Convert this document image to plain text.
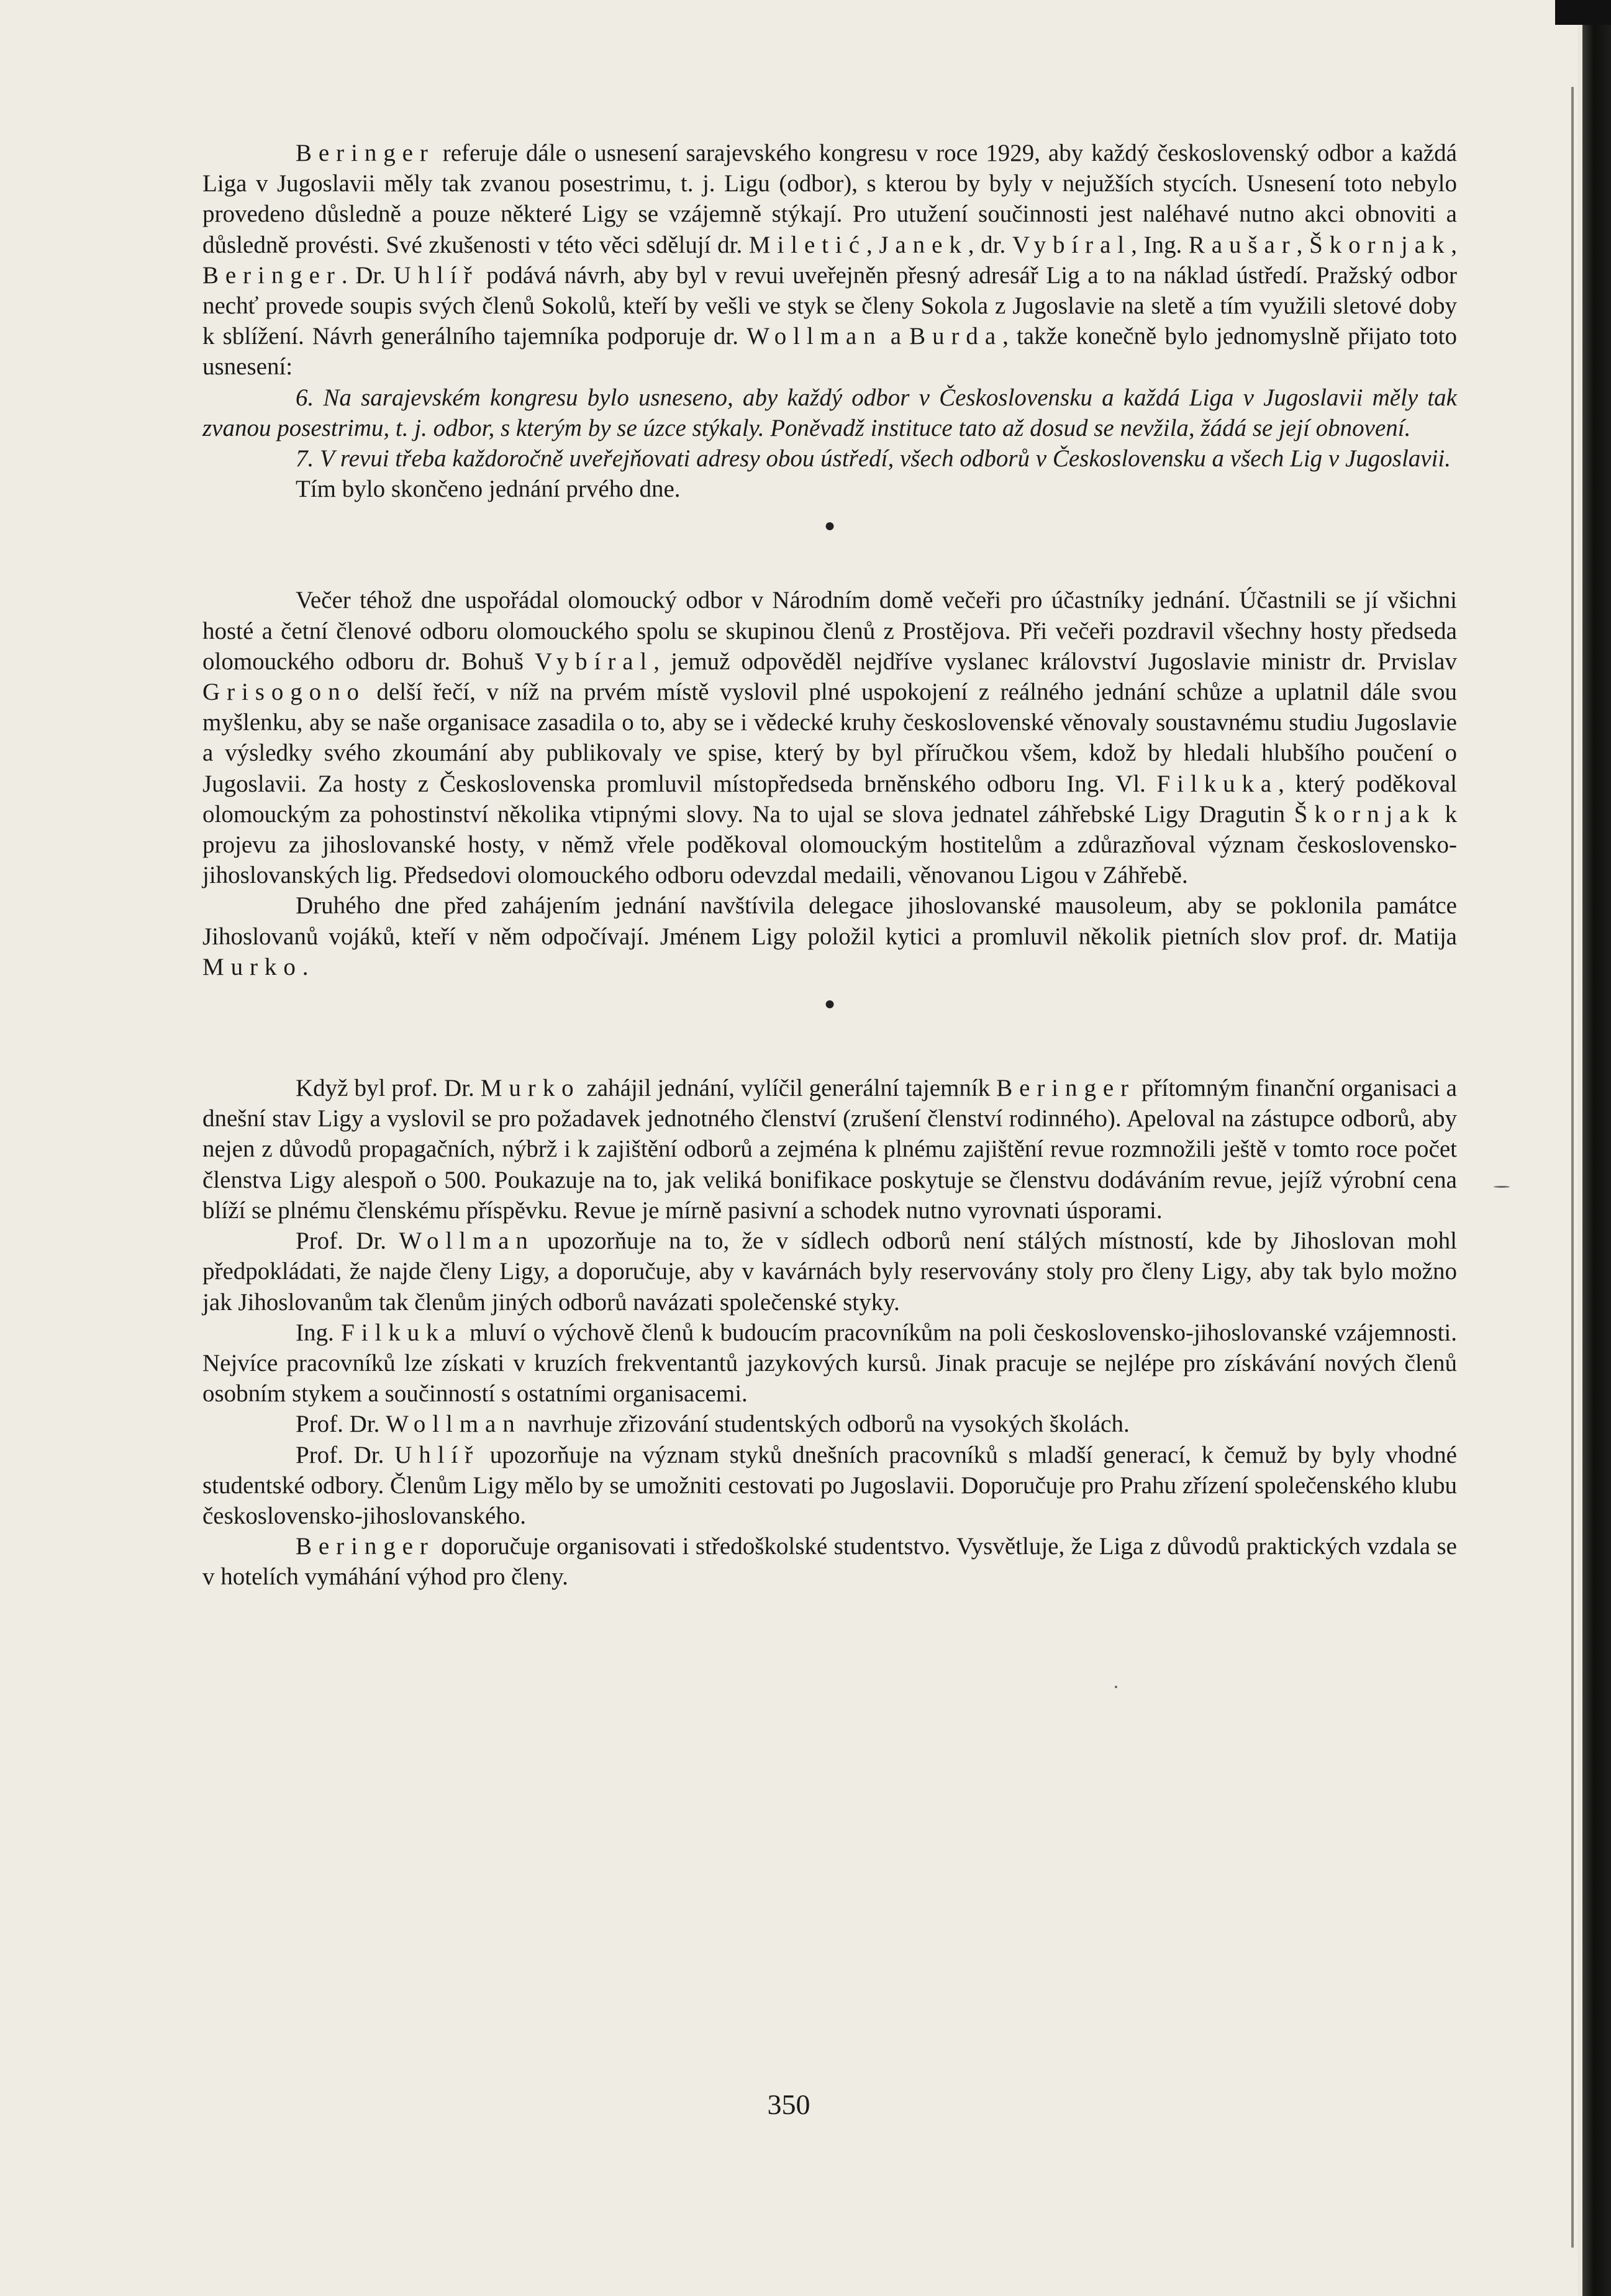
Beringer referuje dále o usnesení sarajevského kongresu v roce 1929, aby každý československý odbor a každá Liga v Jugoslavii měly tak zvanou posestrimu, t. j. Ligu (odbor), s kterou by byly v nejužších stycích. Usnesení toto nebylo provedeno důsledně a pouze některé Ligy se vzájemně stýkají. Pro utužení součinnosti jest naléhavé nutno akci obnoviti a důsledně provésti. Své zkušenosti v této věci sdělují dr. Miletić, Janek, dr. Vybíral, Ing. Raušar, Škornjak, Beringer. Dr. Uhlíř podává návrh, aby byl v revui uveřejněn přesný adresář Lig a to na náklad ústředí. Pražský odbor nechť provede soupis svých členů Sokolů, kteří by vešli ve styk se členy Sokola z Jugoslavie na sletě a tím využili sletové doby k sblížení. Návrh generálního tajemníka podporuje dr. Wollman a Burda, takže konečně bylo jednomyslně přijato toto usnesení:

6. Na sarajevském kongresu bylo usneseno, aby každý odbor v Československu a každá Liga v Jugoslavii měly tak zvanou posestrimu, t. j. odbor, s kterým by se úzce stýkaly. Poněvadž instituce tato až dosud se nevžila, žádá se její obnovení.

7. V revui třeba každoročně uveřejňovati adresy obou ústředí, všech odborů v Československu a všech Lig v Jugoslavii.

Tím bylo skončeno jednání prvého dne.

●

Večer téhož dne uspořádal olomoucký odbor v Národním domě večeři pro účastníky jednání. Účastnili se jí všichni hosté a četní členové odboru olomouckého spolu se skupinou členů z Prostějova. Při večeři pozdravil všechny hosty předseda olomouckého odboru dr. Bohuš Vybíral, jemuž odpověděl nejdříve vyslanec království Jugoslavie ministr dr. Prvislav Grisogono delší řečí, v níž na prvém místě vyslovil plné uspokojení z reálného jednání schůze a uplatnil dále svou myšlenku, aby se naše organisace zasadila o to, aby se i vědecké kruhy československé věnovaly soustavnému studiu Jugoslavie a výsledky svého zkoumání aby publikovaly ve spise, který by byl příručkou všem, kdož by hledali hlubšího poučení o Jugoslavii. Za hosty z Československa promluvil místopředseda brněnského odboru Ing. Vl. Filkuka, který poděkoval olomouckým za pohostinství několika vtipnými slovy. Na to ujal se slova jednatel záhřebské Ligy Dragutin Škornjak k projevu za jihoslovanské hosty, v němž vřele poděkoval olomouckým hostitelům a zdůrazňoval význam československo-jihoslovanských lig. Předsedovi olomouckého odboru odevzdal medaili, věnovanou Ligou v Záhřebě.

Druhého dne před zahájením jednání navštívila delegace jihoslovanské mausoleum, aby se poklonila památce Jihoslovanů vojáků, kteří v něm odpočívají. Jménem Ligy položil kytici a promluvil několik pietních slov prof. dr. Matija Murko.

●

Když byl prof. Dr. Murko zahájil jednání, vylíčil generální tajemník Beringer přítomným finanční organisaci a dnešní stav Ligy a vyslovil se pro požadavek jednotného členství (zrušení členství rodinného). Apeloval na zástupce odborů, aby nejen z důvodů propagačních, nýbrž i k zajištění odborů a zejména k plnému zajištění revue rozmnožili ještě v tomto roce počet členstva Ligy alespoň o 500. Poukazuje na to, jak veliká bonifikace poskytuje se členstvu dodáváním revue, jejíž výrobní cena blíží se plnému členskému příspěvku. Revue je mírně pasivní a schodek nutno vyrovnati úsporami.

Prof. Dr. Wollman upozorňuje na to, že v sídlech odborů není stálých místností, kde by Jihoslovan mohl předpokládati, že najde členy Ligy, a doporučuje, aby v kavárnách byly reservovány stoly pro členy Ligy, aby tak bylo možno jak Jihoslovanům tak členům jiných odborů navázati společenské styky.

Ing. Filkuka mluví o výchově členů k budoucím pracovníkům na poli československo-jihoslovanské vzájemnosti. Nejvíce pracovníků lze získati v kruzích frekventantů jazykových kursů. Jinak pracuje se nejlépe pro získávání nových členů osobním stykem a součinností s ostatními organisacemi.

Prof. Dr. Wollman navrhuje zřizování studentských odborů na vysokých školách.

Prof. Dr. Uhlíř upozorňuje na význam styků dnešních pracovníků s mladší generací, k čemuž by byly vhodné studentské odbory. Členům Ligy mělo by se umožniti cestovati po Jugoslavii. Doporučuje pro Prahu zřízení společenského klubu československo-jihoslovanského.

Beringer doporučuje organisovati i středoškolské studentstvo. Vysvětluje, že Liga z důvodů praktických vzdala se v hotelích vymáhání výhod pro členy.

350
